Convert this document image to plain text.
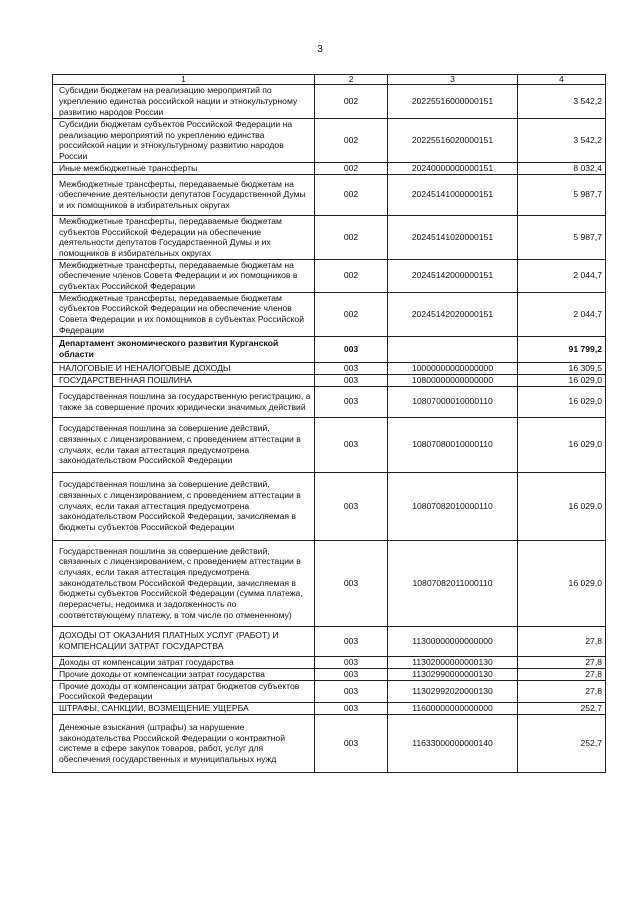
3
1	2	3	4
Субсидии бюджетам на реализацию мероприятий по укреплению единства российской нации и этнокультурному развитию народов России	002	20225516000000151	3 542,2
Субсидии бюджетам субъектов Российской Федерации на реализацию мероприятий по укреплению единства российской нации и этнокультурному развитию народов России	002	20225516020000151	3 542,2
Иные межбюджетные трансферты	002	20240000000000151	8 032,4
Межбюджетные трансферты, передаваемые бюджетам на обеспечение деятельности депутатов Государственной Думы и их помощников в избирательных округах	002	20245141000000151	5 987,7
Межбюджетные трансферты, передаваемые бюджетам субъектов Российской Федерации на обеспечение деятельности депутатов Государственной Думы и их помощников в избирательных округах	002	20245141020000151	5 987,7
Межбюджетные трансферты, передаваемые бюджетам на обеспечение членов Совета Федерации и их помощников в субъектах Российской Федерации	002	20245142000000151	2 044,7
Межбюджетные трансферты, передаваемые бюджетам субъектов Российской Федерации на обеспечение членов Совета Федерации и их помощников в субъектах Российской Федерации	002	20245142020000151	2 044,7
Департамент экономического развития Курганской области	003		91 799,2
НАЛОГОВЫЕ И НЕНАЛОГОВЫЕ ДОХОДЫ	003	10000000000000000	16 309,5
ГОСУДАРСТВЕННАЯ ПОШЛИНА	003	10800000000000000	16 029,0
Государственная пошлина за государственную регистрацию, а также за совершение прочих юридически значимых действий	003	10807000010000110	16 029,0
Государственная пошлина за совершение действий, связанных с лицензированием, с проведением аттестации в случаях, если такая аттестация предусмотрена законодательством Российской Федерации	003	10807080010000110	16 029,0
Государственная пошлина за совершение действий, связанных с лицензированием, с проведением аттестации в случаях, если такая аттестация предусмотрена законодательством Российской Федерации, зачисляемая в бюджеты субъектов Российской Федерации	003	10807082010000110	16 029,0
Государственная пошлина за совершение действий, связанных с лицензированием, с проведением аттестации в случаях, если такая аттестация предусмотрена законодательством Российской Федерации, зачисляемая в бюджеты субъектов Российской Федерации (сумма платежа, перерасчеты, недоимка и задолженность по соответствующему платежу, в том числе по отмененному)	003	10807082011000110	16 029,0
ДОХОДЫ ОТ ОКАЗАНИЯ ПЛАТНЫХ УСЛУГ (РАБОТ) И КОМПЕНСАЦИИ ЗАТРАТ ГОСУДАРСТВА	003	11300000000000000	27,8
Доходы от компенсации затрат государства	003	11302000000000130	27,8
Прочие доходы от компенсации затрат государства	003	11302990000000130	27,8
Прочие доходы от компенсации затрат бюджетов субъектов Российской Федерации	003	11302992020000130	27,8
ШТРАФЫ, САНКЦИИ, ВОЗМЕЩЕНИЕ УЩЕРБА	003	11600000000000000	252,7
Денежные взыскания (штрафы) за нарушение законодательства Российской Федерации о контрактной системе в сфере закупок товаров, работ, услуг для обеспечения государственных и муниципальных нужд	003	11633000000000140	252,7
